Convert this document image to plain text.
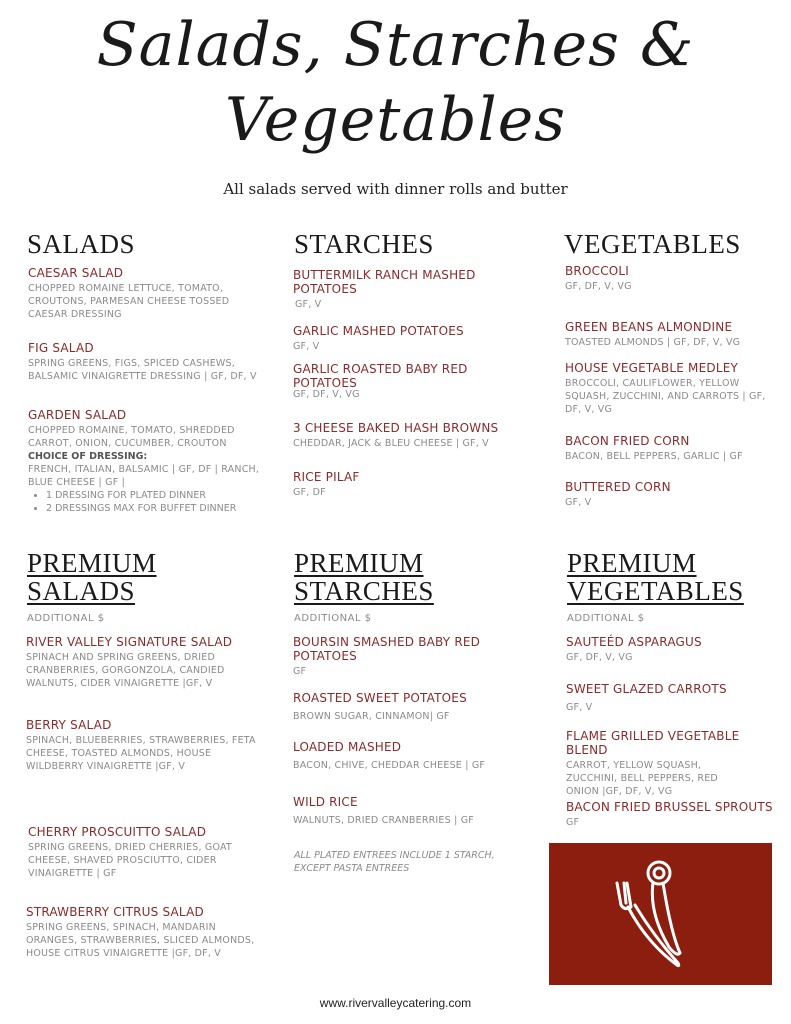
Salads, Starches &
Vegetables
All salads served with dinner rolls and butter
SALADS
CAESAR SALAD
CHOPPED ROMAINE LETTUCE, TOMATO, CROUTONS, PARMESAN CHEESE TOSSED CAESAR DRESSING
FIG SALAD
SPRING GREENS, FIGS, SPICED CASHEWS, BALSAMIC VINAIGRETTE DRESSING | GF, DF, V
GARDEN SALAD
CHOPPED ROMAINE, TOMATO, SHREDDED CARROT, ONION, CUCUMBER, CROUTON
CHOICE OF DRESSING:
FRENCH, ITALIAN, BALSAMIC | GF, DF | RANCH, BLUE CHEESE | GF |
• 1 DRESSING FOR PLATED DINNER
• 2 DRESSINGS MAX FOR BUFFET DINNER
STARCHES
BUTTERMILK RANCH MASHED POTATOES
GF, V
GARLIC MASHED POTATOES
GF, V
GARLIC ROASTED BABY RED POTATOES
GF, DF, V, VG
3 CHEESE BAKED HASH BROWNS
CHEDDAR, JACK & BLEU CHEESE | GF, V
RICE PILAF
GF, DF
VEGETABLES
BROCCOLI
GF, DF, V, VG
GREEN BEANS ALMONDINE
TOASTED ALMONDS | GF, DF, V, VG
HOUSE VEGETABLE MEDLEY
BROCCOLI, CAULIFLOWER, YELLOW SQUASH, ZUCCHINI, AND CARROTS | GF, DF, V, VG
BACON FRIED CORN
BACON, BELL PEPPERS, GARLIC | GF
BUTTERED CORN
GF, V
PREMIUM
SALADS
ADDITIONAL $
RIVER VALLEY SIGNATURE SALAD
SPINACH AND SPRING GREENS, DRIED CRANBERRIES, GORGONZOLA, CANDIED WALNUTS, CIDER VINAIGRETTE |GF, V
BERRY SALAD
SPINACH, BLUEBERRIES, STRAWBERRIES, FETA CHEESE, TOASTED ALMONDS, HOUSE WILDBERRY VINAIGRETTE |GF, V
CHERRY PROSCUITTO SALAD
SPRING GREENS, DRIED CHERRIES, GOAT CHEESE, SHAVED PROSCIUTTO, CIDER VINAIGRETTE | GF
STRAWBERRY CITRUS SALAD
SPRING GREENS, SPINACH, MANDARIN ORANGES, STRAWBERRIES, SLICED ALMONDS, HOUSE CITRUS VINAIGRETTE |GF, DF, V
PREMIUM
STARCHES
ADDITIONAL $
BOURSIN SMASHED BABY RED POTATOES
GF
ROASTED SWEET POTATOES
BROWN SUGAR, CINNAMON| GF
LOADED MASHED
BACON, CHIVE, CHEDDAR CHEESE | GF
WILD RICE
WALNUTS, DRIED CRANBERRIES | GF
ALL PLATED ENTREES INCLUDE 1 STARCH, EXCEPT PASTA ENTREES
PREMIUM
VEGETABLES
ADDITIONAL $
SAUTEÉD ASPARAGUS
GF, DF, V, VG
SWEET GLAZED CARROTS
GF, V
FLAME GRILLED VEGETABLE BLEND
CARROT, YELLOW SQUASH, ZUCCHINI, BELL PEPPERS, RED ONION |GF, DF, V, VG
BACON FRIED BRUSSEL SPROUTS
GF
www.rivervalleycatering.com
